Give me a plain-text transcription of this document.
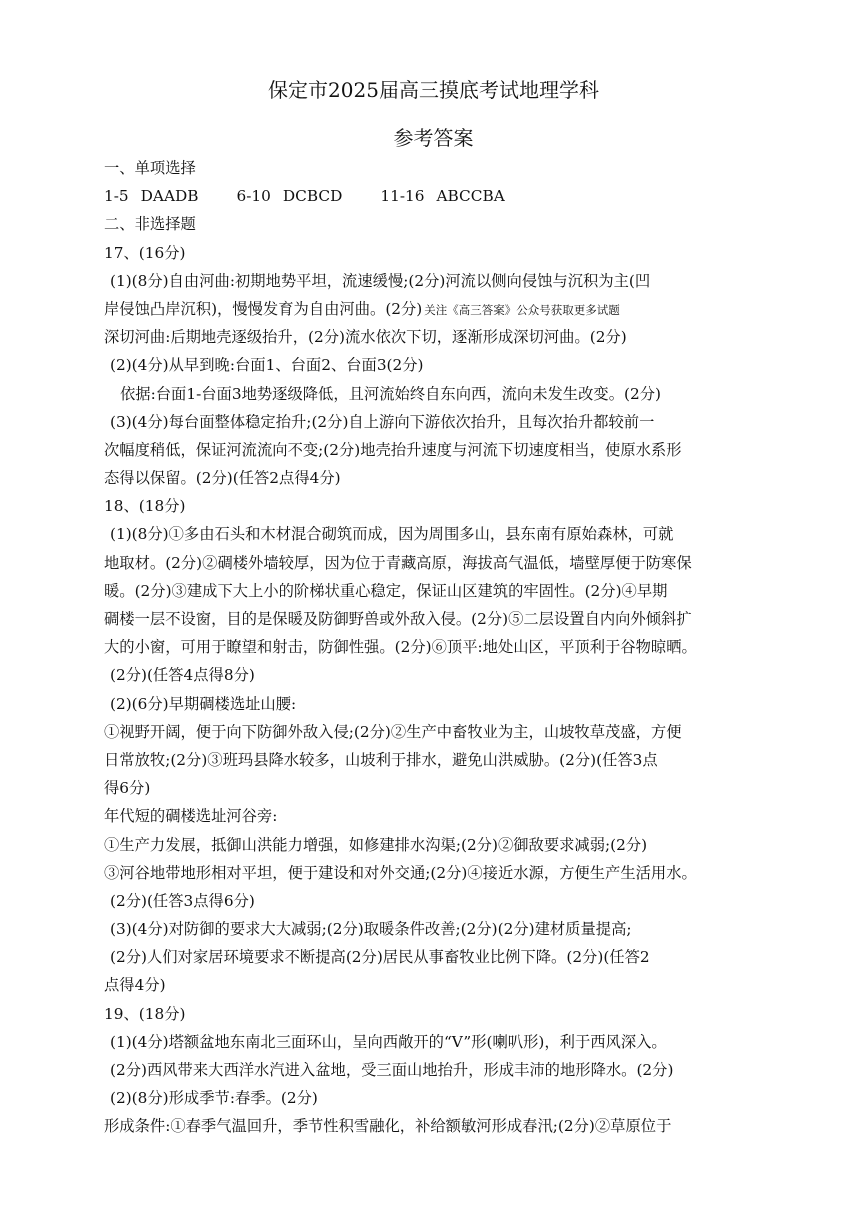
保定市2025届高三摸底考试地理学科
参考答案
一、单项选择
1-5 DAADB 6-10 DCBCD 11-16 ABCCBA
二、非选择题
17、(16分)
(1)(8分)自由河曲:初期地势平坦，流速缓慢;(2分)河流以侧向侵蚀与沉积为主(凹
岸侵蚀凸岸沉积)，慢慢发育为自由河曲。(2分) 关注《高三答案》公众号获取更多试题
深切河曲:后期地壳逐级抬升，(2分)流水依次下切，逐渐形成深切河曲。(2分)
(2)(4分)从早到晚:台面1、台面2、台面3(2分)
依据:台面1-台面3地势逐级降低，且河流始终自东向西，流向未发生改变。(2分)
(3)(4分)每台面整体稳定抬升;(2分)自上游向下游依次抬升，且每次抬升都较前一
次幅度稍低，保证河流流向不变;(2分)地壳抬升速度与河流下切速度相当，使原水系形
态得以保留。(2分)(任答2点得4分)
18、(18分)
(1)(8分)①多由石头和木材混合砌筑而成，因为周围多山，县东南有原始森林，可就
地取材。(2分)②碉楼外墙较厚，因为位于青藏高原，海拔高气温低，墙壁厚便于防寒保
暖。(2分)③建成下大上小的阶梯状重心稳定，保证山区建筑的牢固性。(2分)④早期
碉楼一层不设窗，目的是保暖及防御野兽或外敌入侵。(2分)⑤二层设置自内向外倾斜扩
大的小窗，可用于瞭望和射击，防御性强。(2分)⑥顶平:地处山区，平顶利于谷物晾晒。
(2分)(任答4点得8分)
(2)(6分)早期碉楼选址山腰:
①视野开阔，便于向下防御外敌入侵;(2分)②生产中畜牧业为主，山坡牧草茂盛，方便
日常放牧;(2分)③班玛县降水较多，山坡利于排水，避免山洪威胁。(2分)(任答3点
得6分)
年代短的碉楼选址河谷旁:
①生产力发展，抵御山洪能力增强，如修建排水沟渠;(2分)②御敌要求减弱;(2分)
③河谷地带地形相对平坦，便于建设和对外交通;(2分)④接近水源，方便生产生活用水。
(2分)(任答3点得6分)
(3)(4分)对防御的要求大大减弱;(2分)取暖条件改善;(2分)(2分)建材质量提高;
(2分)人们对家居环境要求不断提高(2分)居民从事畜牧业比例下降。(2分)(任答2
点得4分)
19、(18分)
(1)(4分)塔额盆地东南北三面环山，呈向西敞开的“V”形(喇叭形)，利于西风深入。
(2分)西风带来大西洋水汽进入盆地，受三面山地抬升，形成丰沛的地形降水。(2分)
(2)(8分)形成季节:春季。(2分)
形成条件:①春季气温回升，季节性积雪融化，补给额敏河形成春汛;(2分)②草原位于
